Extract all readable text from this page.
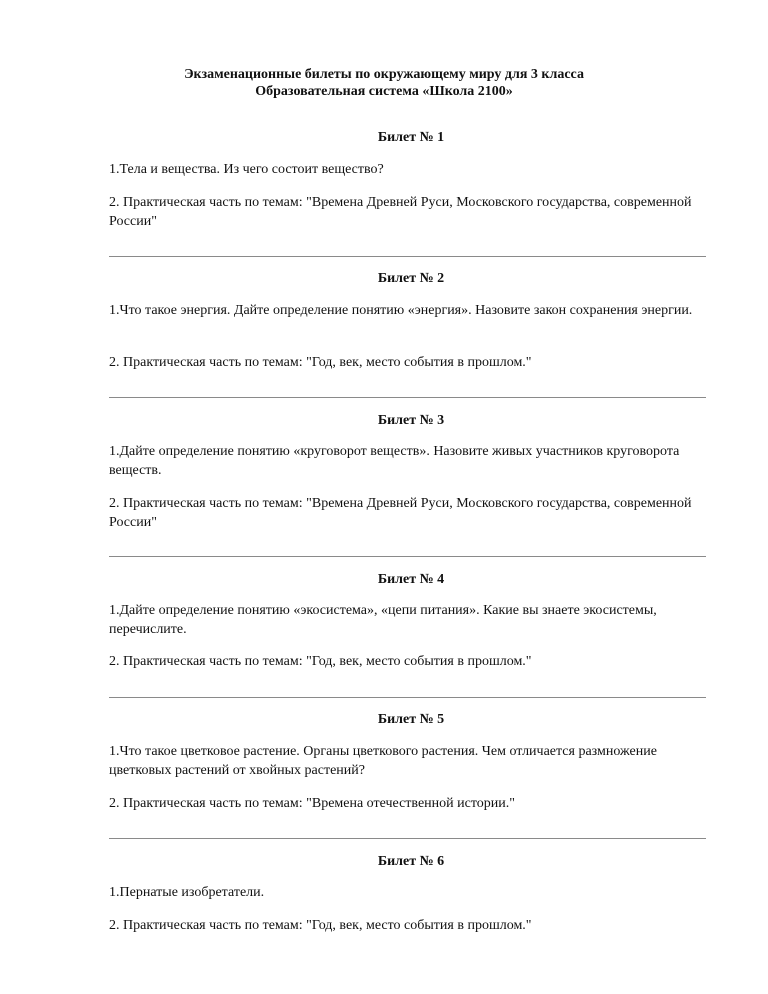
Экзаменационные билеты по окружающему миру для 3 класса
Образовательная система «Школа 2100»
Билет № 1
1.Тела и вещества. Из чего состоит вещество?
2. Практическая часть по темам: "Времена Древней Руси, Московского государства, современной России"
Билет № 2
1.Что такое энергия. Дайте определение понятию «энергия». Назовите закон сохранения энергии.
2. Практическая часть по темам: "Год, век, место события в прошлом."
Билет № 3
1.Дайте определение понятию «круговорот веществ». Назовите живых участников круговорота веществ.
2. Практическая часть по темам: "Времена Древней Руси, Московского государства, современной России"
Билет № 4
1.Дайте определение понятию «экосистема», «цепи питания». Какие вы знаете экосистемы, перечислите.
2. Практическая часть по темам: "Год, век, место события в прошлом."
Билет № 5
1.Что такое цветковое растение. Органы цветкового растения. Чем отличается размножение цветковых растений от хвойных растений?
2. Практическая часть по темам: "Времена отечественной истории."
Билет № 6
1.Пернатые изобретатели.
2. Практическая часть по темам: "Год, век, место события в прошлом."
